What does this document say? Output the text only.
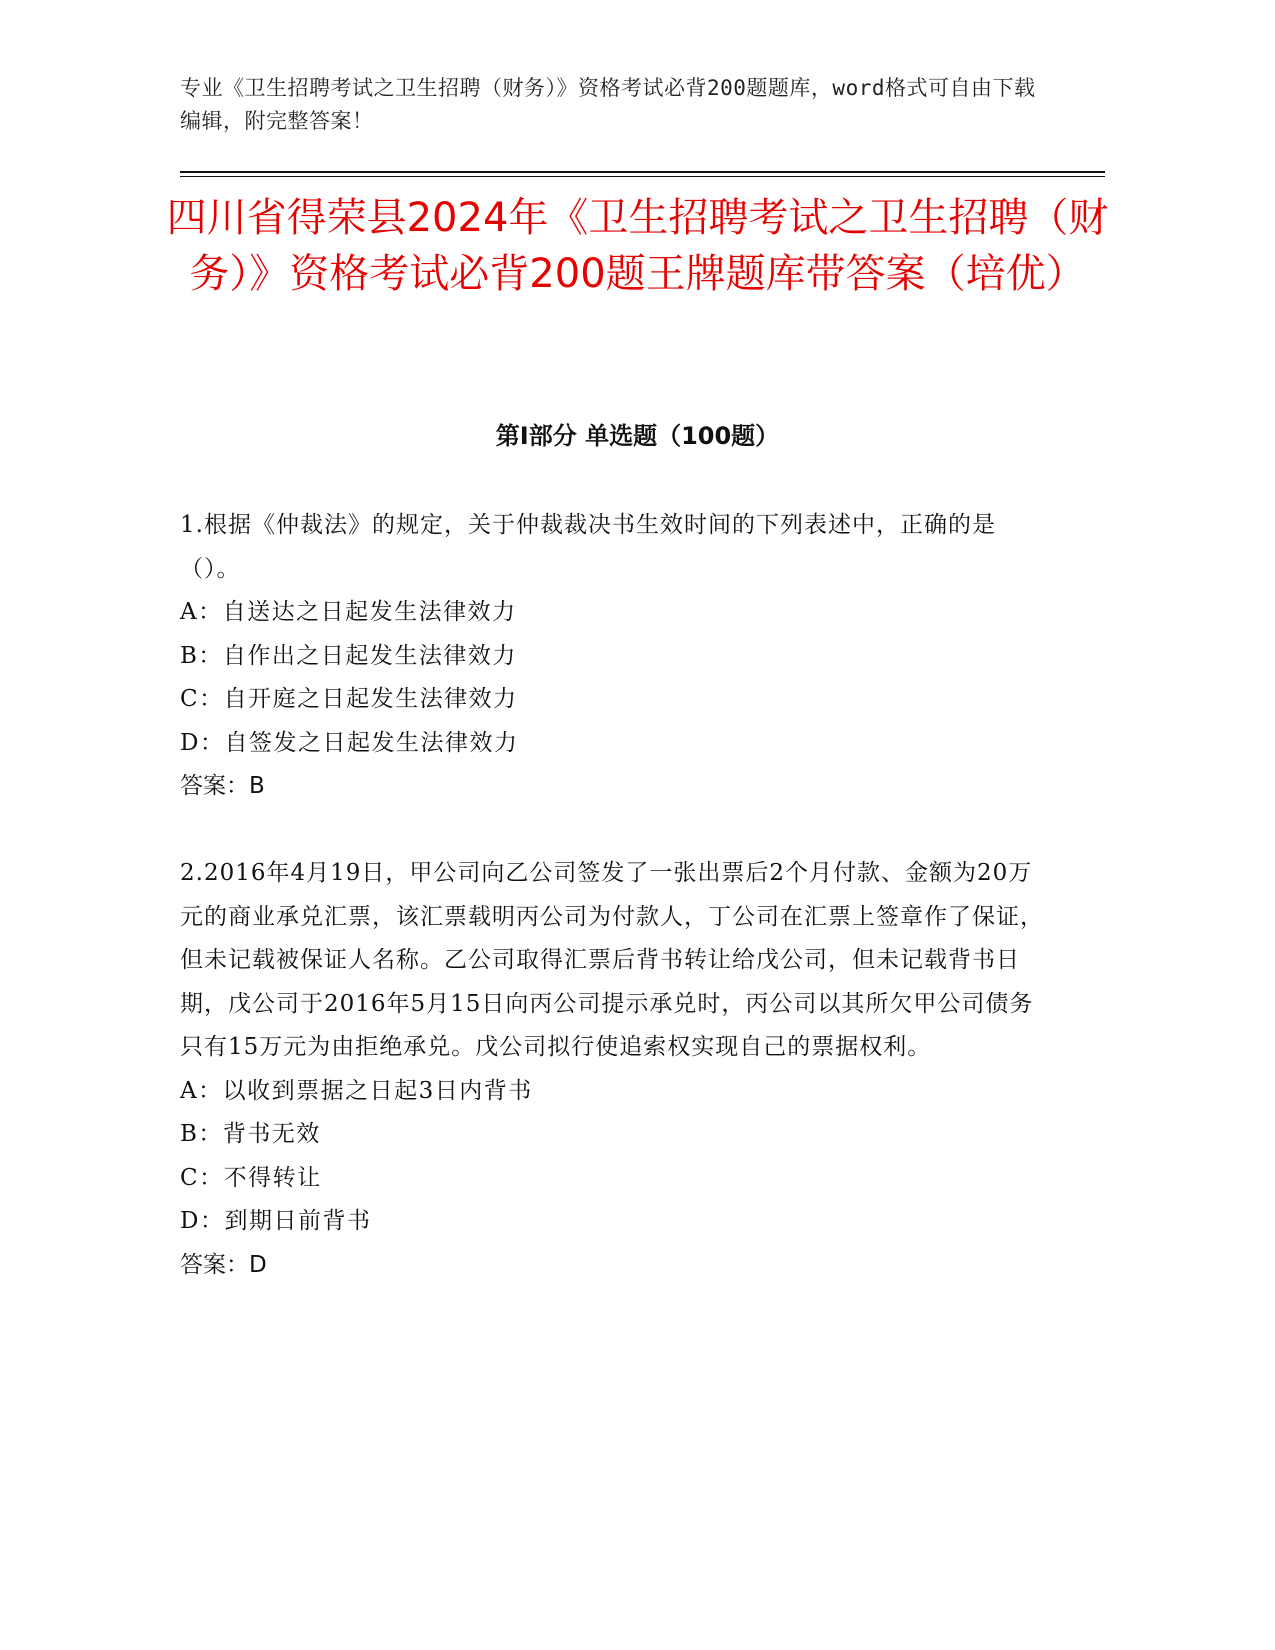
专业《卫生招聘考试之卫生招聘（财务）》资格考试必背200题题库，word格式可自由下载编辑，附完整答案！
四川省得荣县2024年《卫生招聘考试之卫生招聘（财务）》资格考试必背200题王牌题库带答案（培优）
第Ⅰ部分 单选题（100题）
1.根据《仲裁法》的规定，关于仲裁裁决书生效时间的下列表述中，正确的是（）。
A：自送达之日起发生法律效力
B：自作出之日起发生法律效力
C：自开庭之日起发生法律效力
D：自签发之日起发生法律效力
答案：B
2.2016年4月19日，甲公司向乙公司签发了一张出票后2个月付款、金额为20万元的商业承兑汇票，该汇票载明丙公司为付款人，丁公司在汇票上签章作了保证，但未记载被保证人名称。乙公司取得汇票后背书转让给戊公司，但未记载背书日期，戊公司于2016年5月15日向丙公司提示承兑时，丙公司以其所欠甲公司债务只有15万元为由拒绝承兑。戊公司拟行使追索权实现自己的票据权利。
A：以收到票据之日起3日内背书
B：背书无效
C：不得转让
D：到期日前背书
答案：D
